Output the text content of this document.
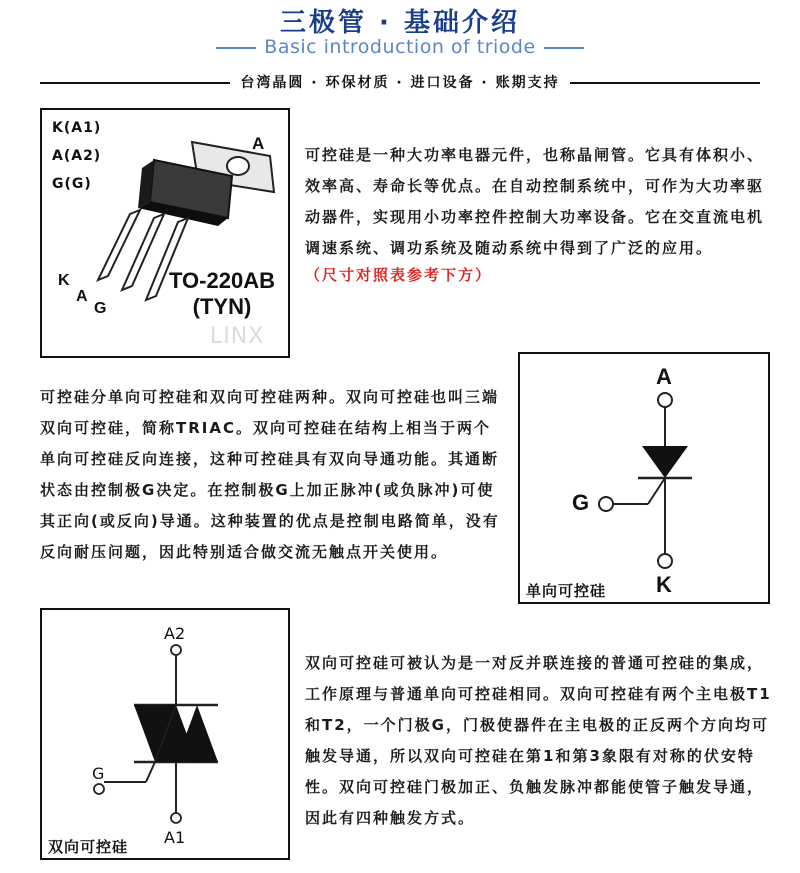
三极管 · 基础介绍
Basic introduction of triode
台湾晶圆 · 环保材质 · 进口设备 · 账期支持
K(A1)
A(A2)
G(G)
A
K
A
G
TO-220AB
(TYN)
LINX

可控硅是一种大功率电器元件，也称晶闸管。它具有体积小、效率高、寿命长等优点。在自动控制系统中，可作为大功率驱动器件，实现用小功率控件控制大功率设备。它在交直流电机调速系统、调功系统及随动系统中得到了广泛的应用。

（尺寸对照表参考下方）

可控硅分单向可控硅和双向可控硅两种。双向可控硅也叫三端双向可控硅，简称TRIAC。双向可控硅在结构上相当于两个单向可控硅反向连接，这种可控硅具有双向导通功能。其通断状态由控制极G决定。在控制极G上加正脉冲(或负脉冲)可使其正向(或反向)导通。这种装置的优点是控制电路简单，没有反向耐压问题，因此特别适合做交流无触点开关使用。

A
G
K
单向可控硅
A2
G
A1
双向可控硅

双向可控硅可被认为是一对反并联连接的普通可控硅的集成，工作原理与普通单向可控硅相同。双向可控硅有两个主电极T1和T2，一个门极G，门极使器件在主电极的正反两个方向均可触发导通，所以双向可控硅在第1和第3象限有对称的伏安特性。双向可控硅门极加正、负触发脉冲都能使管子触发导通，因此有四种触发方式。
